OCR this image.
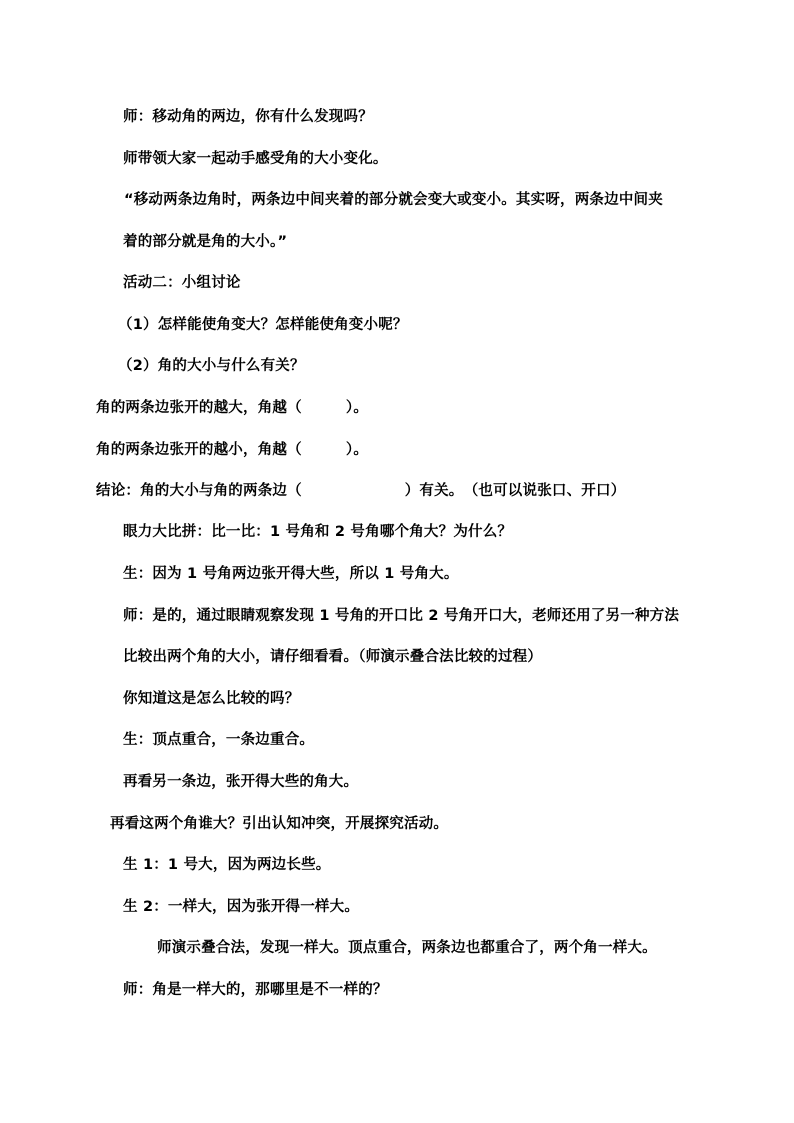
师：移动角的两边，你有什么发现吗？
师带领大家一起动手感受角的大小变化。
“移动两条边角时，两条边中间夹着的部分就会变大或变小。其实呀，两条边中间夹
着的部分就是角的大小。”
活动二：小组讨论
（1）怎样能使角变大？怎样能使角变小呢？
（2）角的大小与什么有关？
角的两条边张开的越大，角越（　　　）。
角的两条边张开的越小，角越（　　　）。
结论：角的大小与角的两条边（　　　　　　　）有关。　（也可以说张口、开口）
眼力大比拼：比一比：1 号角和 2 号角哪个角大？为什么？
生：因为 1 号角两边张开得大些，所以 1 号角大。
师：是的，通过眼睛观察发现 1 号角的开口比 2 号角开口大，老师还用了另一种方法
比较出两个角的大小，请仔细看看。（师演示叠合法比较的过程）
你知道这是怎么比较的吗？
生：顶点重合，一条边重合。
再看另一条边，张开得大些的角大。
再看这两个角谁大？引出认知冲突，开展探究活动。
生 1：1 号大，因为两边长些。
生 2：一样大，因为张开得一样大。
师演示叠合法，发现一样大。顶点重合，两条边也都重合了，两个角一样大。
师：角是一样大的，那哪里是不一样的？
